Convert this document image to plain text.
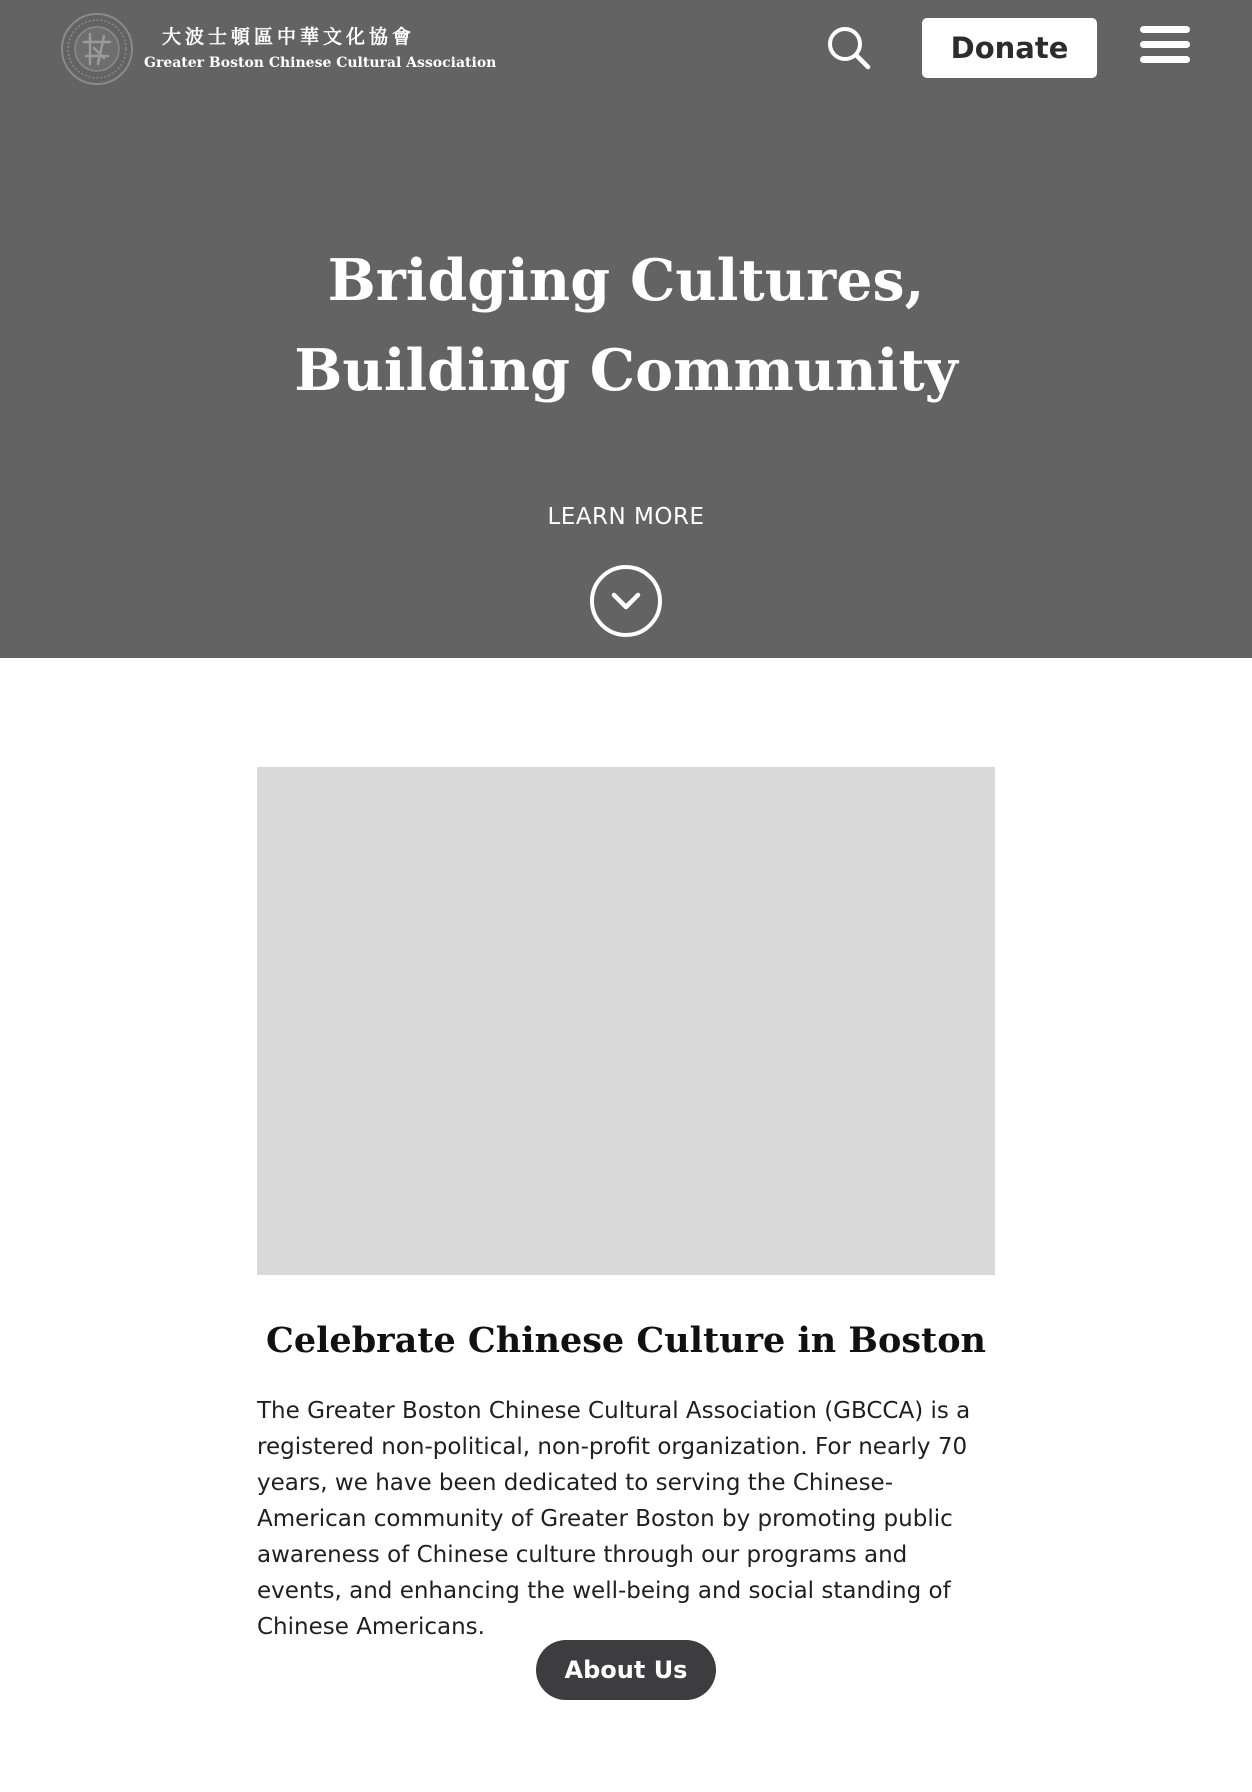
大波士頓區中華文化協會
Greater Boston Chinese Cultural Association	Donate
Bridging Cultures,
Building Community
LEARN MORE
Celebrate Chinese Culture in Boston

The Greater Boston Chinese Cultural Association (GBCCA) is a registered non-political, non-profit organization. For nearly 70 years, we have been dedicated to serving the Chinese-American community of Greater Boston by promoting public awareness of Chinese culture through our programs and events, and enhancing the well-being and social standing of Chinese Americans.

About Us
